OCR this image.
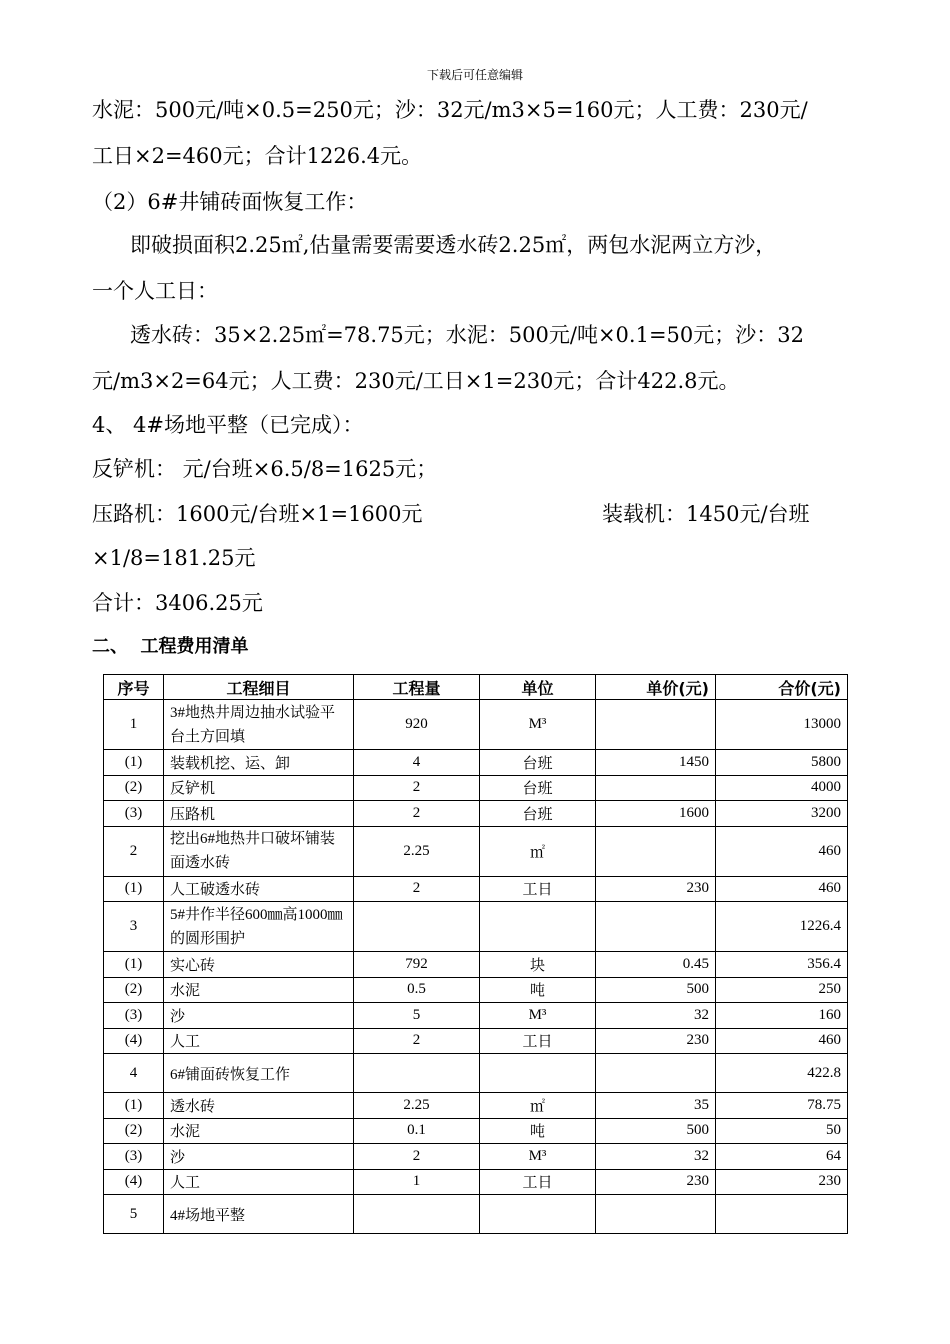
下载后可任意编辑
水泥：500元/吨×0.5=250元；沙：32元/m3×5=160元；人工费：230元/
工日×2=460元；合计1226.4元。
（2）6#井铺砖面恢复工作：
即破损面积2.25㎡,估量需要需要透水砖2.25㎡，两包水泥两立方沙，
一个人工日：
透水砖：35×2.25㎡=78.75元；水泥：500元/吨×0.1=50元；沙：32
元/m3×2=64元；人工费：230元/工日×1=230元；合计422.8元。
4、 4#场地平整（已完成）：
反铲机： 元/台班×6.5/8=1625元；
压路机：1600元/台班×1=1600元	装载机：1450元/台班
×1/8=181.25元
合计：3406.25元
二、  工程费用清单
序号	工程细目	工程量	单位	单价(元)	合价(元)
1	3#地热井周边抽水试验平台土方回填	920	M³		13000
(1)	装载机挖、运、卸	4	台班	1450	5800
(2)	反铲机	2	台班		4000
(3)	压路机	2	台班	1600	3200
2	挖出6#地热井口破坏铺装面透水砖	2.25	㎡		460
(1)	人工破透水砖	2	工日	230	460
3	5#井作半径600㎜高1000㎜的圆形围护				1226.4
(1)	实心砖	792	块	0.45	356.4
(2)	水泥	0.5	吨	500	250
(3)	沙	5	M³	32	160
(4)	人工	2	工日	230	460
4	6#铺面砖恢复工作				422.8
(1)	透水砖	2.25	㎡	35	78.75
(2)	水泥	0.1	吨	500	50
(3)	沙	2	M³	32	64
(4)	人工	1	工日	230	230
5	4#场地平整				
